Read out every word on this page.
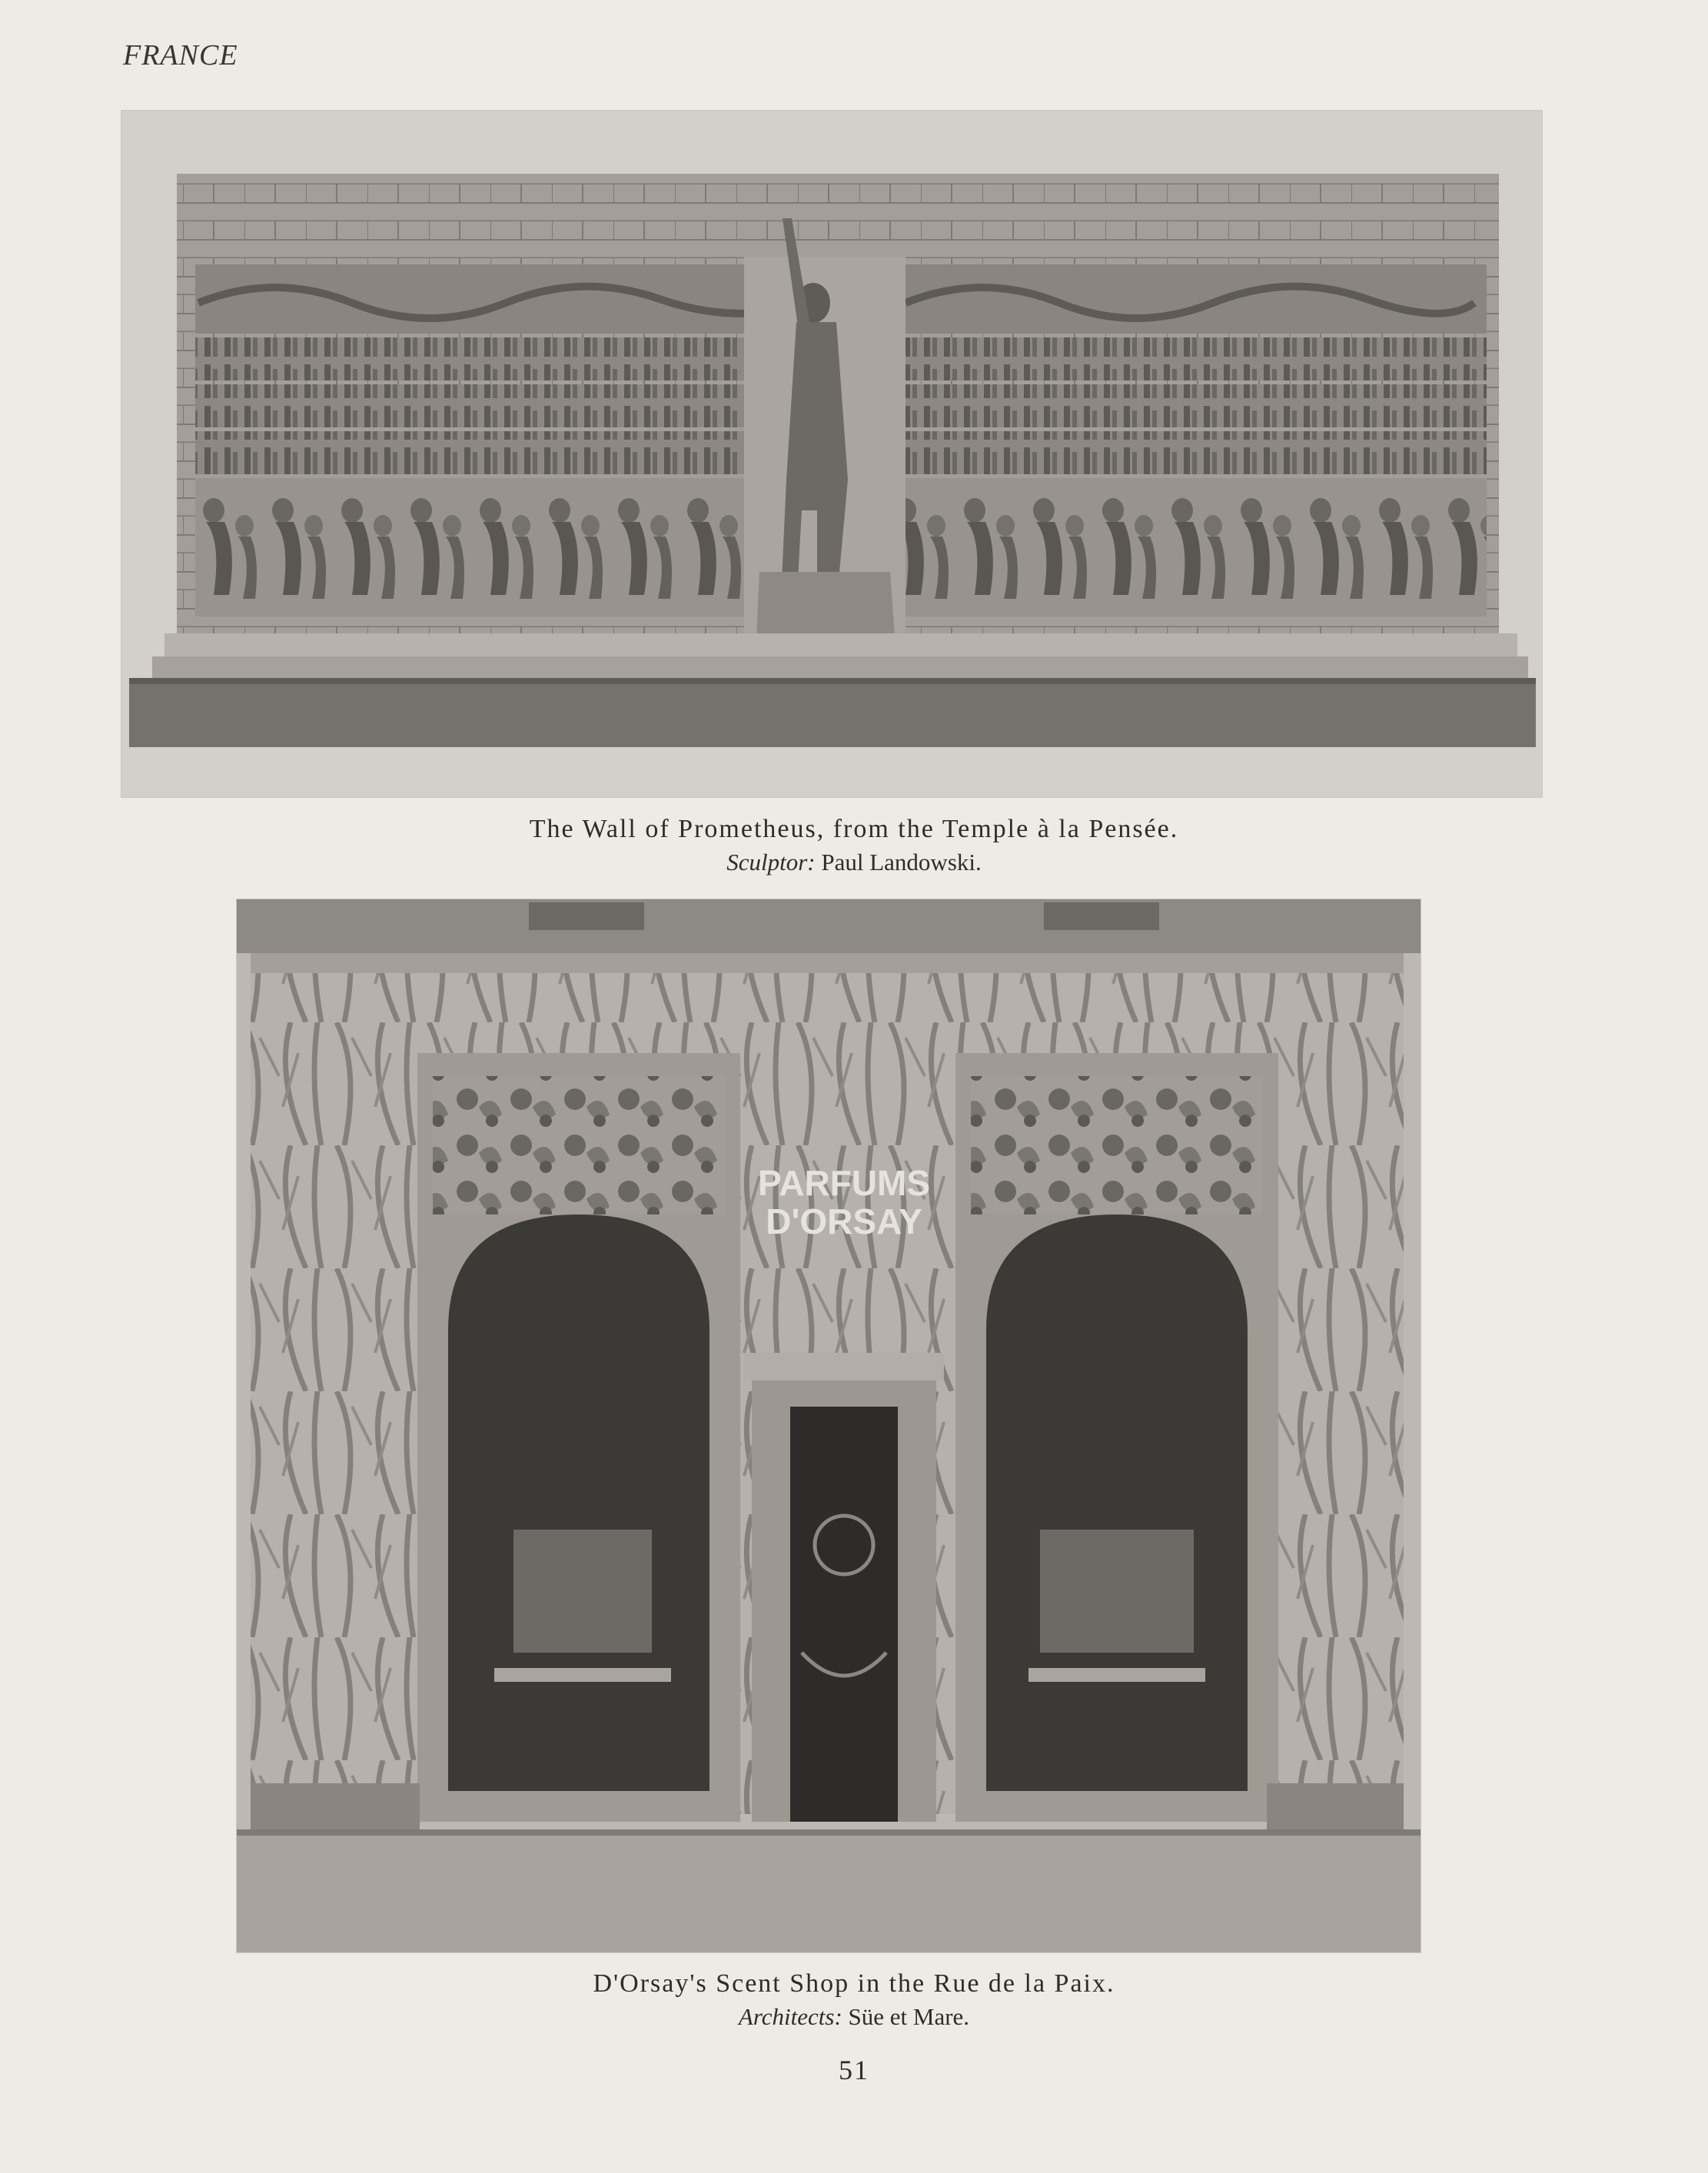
FRANCE
The Wall of Prometheus, from the Temple à la Pensée.
Sculptor: Paul Landowski.
PARFUMS
D'ORSAY
D'Orsay's Scent Shop in the Rue de la Paix.
Architects: Süe et Mare.
51
